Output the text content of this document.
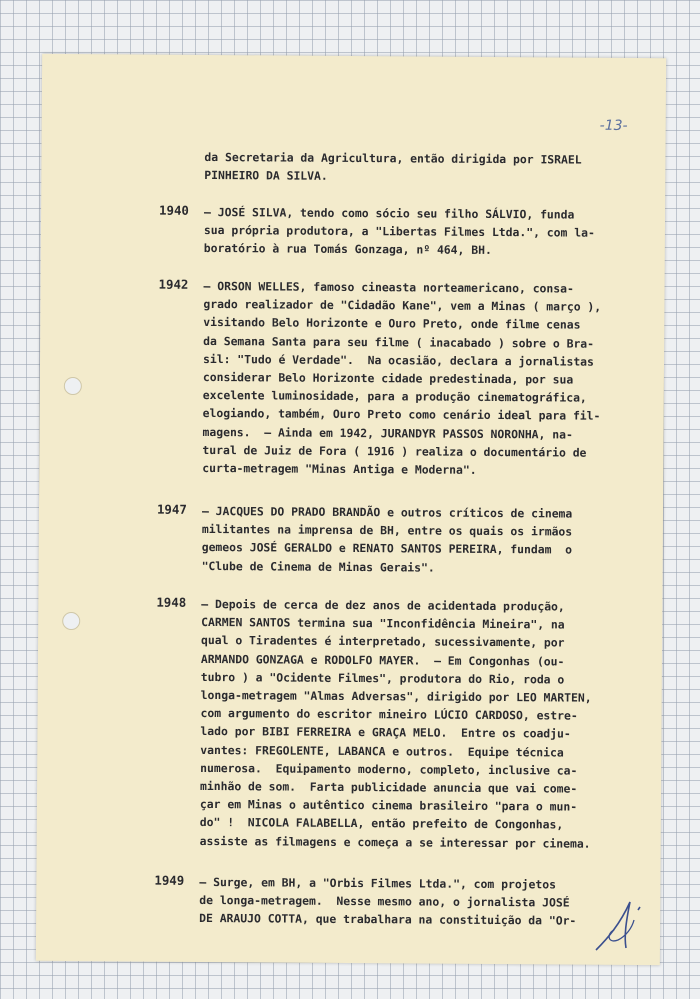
-13-
da Secretaria da Agricultura, então dirigida por ISRAEL
PINHEIRO DA SILVA.
1940 — JOSÉ SILVA, tendo como sócio seu filho SÁLVIO, funda
sua própria produtora, a "Libertas Filmes Ltda.", com la-
boratório à rua Tomás Gonzaga, nº 464, BH.
1942 — ORSON WELLES, famoso cineasta norteamericano, consa-
grado realizador de "Cidadão Kane", vem a Minas ( março ),
visitando Belo Horizonte e Ouro Preto, onde filme cenas
da Semana Santa para seu filme ( inacabado ) sobre o Bra-
sil: "Tudo é Verdade".  Na ocasião, declara a jornalistas
considerar Belo Horizonte cidade predestinada, por sua
excelente luminosidade, para a produção cinematográfica,
elogiando, também, Ouro Preto como cenário ideal para fil-
magens.  — Ainda em 1942, JURANDYR PASSOS NORONHA, na-
tural de Juiz de Fora ( 1916 ) realiza o documentário de
curta-metragem "Minas Antiga e Moderna".
1947 — JACQUES DO PRADO BRANDÃO e outros críticos de cinema
militantes na imprensa de BH, entre os quais os irmãos
gemeos JOSÉ GERALDO e RENATO SANTOS PEREIRA, fundam  o
"Clube de Cinema de Minas Gerais".
1948 — Depois de cerca de dez anos de acidentada produção,
CARMEN SANTOS termina sua "Inconfidência Mineira", na
qual o Tiradentes é interpretado, sucessivamente, por
ARMANDO GONZAGA e RODOLFO MAYER.  — Em Congonhas (ou-
tubro ) a "Ocidente Filmes", produtora do Rio, roda o
longa-metragem "Almas Adversas", dirigido por LEO MARTEN,
com argumento do escritor mineiro LÚCIO CARDOSO, estre-
lado por BIBI FERREIRA e GRAÇA MELO.  Entre os coadju-
vantes: FREGOLENTE, LABANCA e outros.  Equipe técnica
numerosa.  Equipamento moderno, completo, inclusive ca-
minhão de som.  Farta publicidade anuncia que vai come-
çar em Minas o autêntico cinema brasileiro "para o mun-
do" !  NICOLA FALABELLA, então prefeito de Congonhas,
assiste as filmagens e começa a se interessar por cinema.
1949 — Surge, em BH, a "Orbis Filmes Ltda.", com projetos
de longa-metragem.  Nesse mesmo ano, o jornalista JOSÉ
DE ARAUJO COTTA, que trabalhara na constituição da "Or-
